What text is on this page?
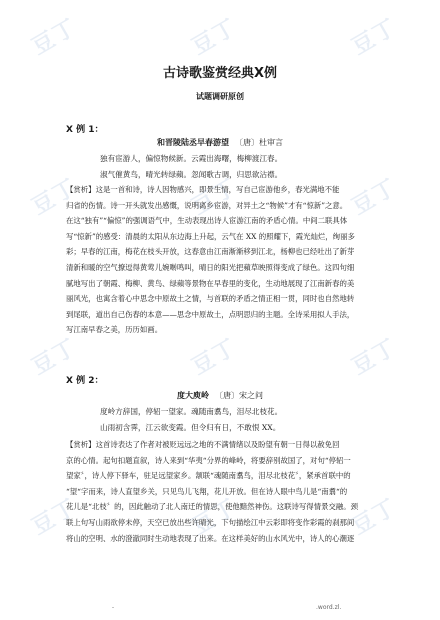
豆丁	豆丁	豆丁
豆丁	豆丁	豆丁
豆丁	豆丁	豆丁
豆丁	豆丁	豆丁
古诗歌鉴赏经典X例
试题调研原创
X 例 1：
和晋陵陆丞早春游望 〔唐〕杜审言
独有宦游人，偏惊物候新。云霞出海曙，梅柳渡江春。
淑气催黄鸟，晴光转绿蘋。忽闻歌古调，归思欲沾襟。
【赏析】这是一首和诗，诗人因物感兴，即景生情，写自己宦游他乡，春光满地不能
归省的伤情。诗一开头就发出感慨，说明离乡宦游，对异土之“物候”才有“惊新”之意。
在这“独有”“偏惊”的强调语气中，生动表现出诗人宦游江南的矛盾心情。中间二联具体
写“惊新”的感受：清晨的太阳从东边海上升起，云气在 XX 的照耀下，霞光灿烂，绚丽多
彩；早春的江南，梅花在枝头开放，这春意由江南渐渐移到江北，杨柳也已经吐出了新芽
清新和暖的空气撩逗得黄莺儿婉啭鸣叫，晴日的阳光把蘋草映照得变成了绿色。这四句细
腻地写出了朝霞、梅柳、黄鸟、绿蘋等景物在早春里的变化，生动地展现了江南新春的美
丽风光，也寓含着心中思念中原故土之情，与首联的矛盾之情正相一贯，同时也自然地转
到尾联，道出自己伤春的本意——思念中原故土，点明思归的主题。全诗采用拟人手法，
写江南早春之美，历历如画。
X 例 2：
度大庾岭 〔唐〕宋之问
度岭方辞国，停轺一望家。魂随南翥鸟，泪尽北枝花。
山雨初含霁，江云欲变霞。但令归有日，不敢恨 XX。
【赏析】这首诗表达了作者对被贬远远之地的不满情绪以及盼望有朝一日得以赦免回
京的心情。起句扣题直叙，诗人来到“华夷“分界的峰岭，将要辞别故国了，对句“停轺一
望家〞，诗人停下驿车，驻足远望家乡。颔联“魂随南翥鸟，泪尽北枝花〞，紧承首联中的
“望“字而来，诗人直望乡关，只见鸟儿飞翔，花儿开放。但在诗人眼中鸟儿是“南翥“的
花儿是“北枝〞的，因此触动了北人南迁的情思，使他黯然神伤。这联诗写得情景交融。颈
联上句写山雨欲停未停，天空已放出些许晴光，下句描绘江中云彩即将变作彩霞的刹那间
将山的空明、水的澄澈同时生动地表现了出来。在这样美好的山水风光中，诗人的心潮逐
-	.word.zl.
